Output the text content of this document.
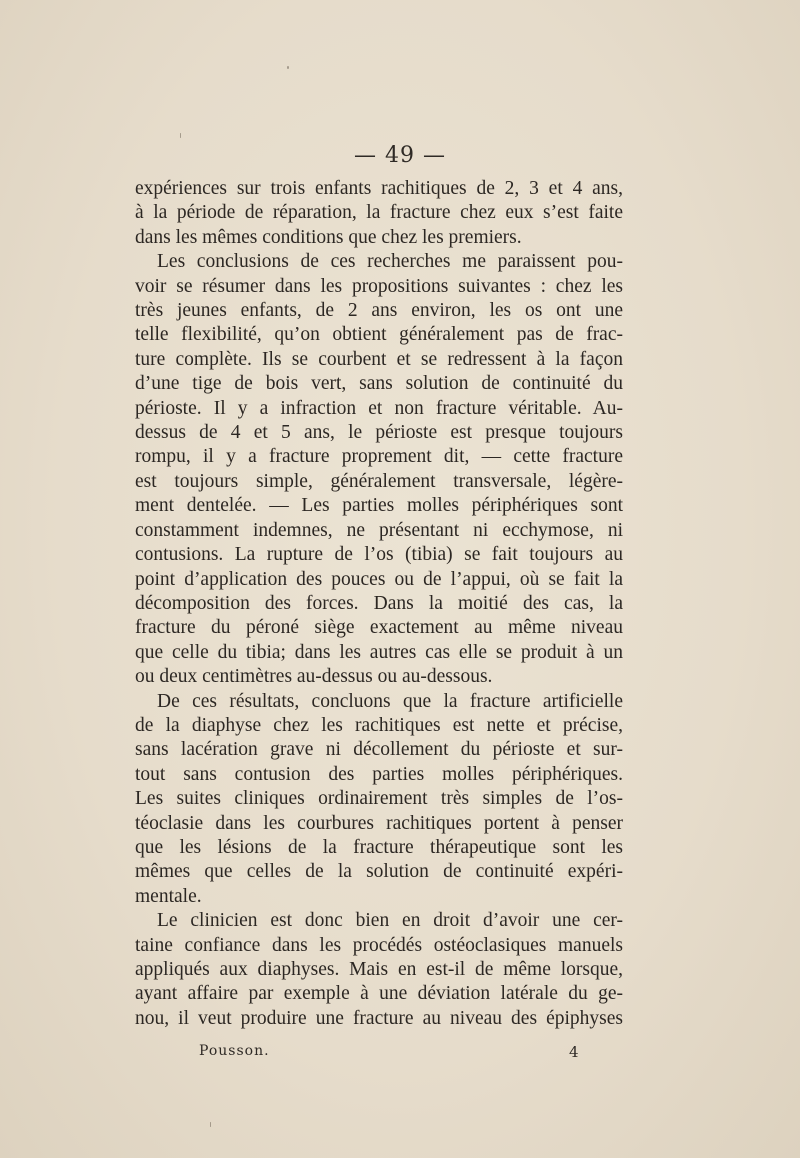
— 49 —

expériences sur trois enfants rachitiques de 2, 3 et 4 ans,
à la période de réparation, la fracture chez eux s’est faite
dans les mêmes conditions que chez les premiers.

Les conclusions de ces recherches me paraissent pou-
voir se résumer dans les propositions suivantes : chez les
très jeunes enfants, de 2 ans environ, les os ont une
telle flexibilité, qu’on obtient généralement pas de frac-
ture complète. Ils se courbent et se redressent à la façon
d’une tige de bois vert, sans solution de continuité du
périoste. Il y a infraction et non fracture véritable. Au-
dessus de 4 et 5 ans, le périoste est presque toujours
rompu, il y a fracture proprement dit, — cette fracture
est toujours simple, généralement transversale, légère-
ment dentelée. — Les parties molles périphériques sont
constamment indemnes, ne présentant ni ecchymose, ni
contusions. La rupture de l’os (tibia) se fait toujours au
point d’application des pouces ou de l’appui, où se fait la
décomposition des forces. Dans la moitié des cas, la
fracture du péroné siège exactement au même niveau
que celle du tibia; dans les autres cas elle se produit à un
ou deux centimètres au-dessus ou au-dessous.

De ces résultats, concluons que la fracture artificielle
de la diaphyse chez les rachitiques est nette et précise,
sans lacération grave ni décollement du périoste et sur-
tout sans contusion des parties molles périphériques.
Les suites cliniques ordinairement très simples de l’os-
téoclasie dans les courbures rachitiques portent à penser
que les lésions de la fracture thérapeutique sont les
mêmes que celles de la solution de continuité expéri-
mentale.

Le clinicien est donc bien en droit d’avoir une cer-
taine confiance dans les procédés ostéoclasiques manuels
appliqués aux diaphyses. Mais en est-il de même lorsque,
ayant affaire par exemple à une déviation latérale du ge-
nou, il veut produire une fracture au niveau des épiphyses

Pousson.	4
